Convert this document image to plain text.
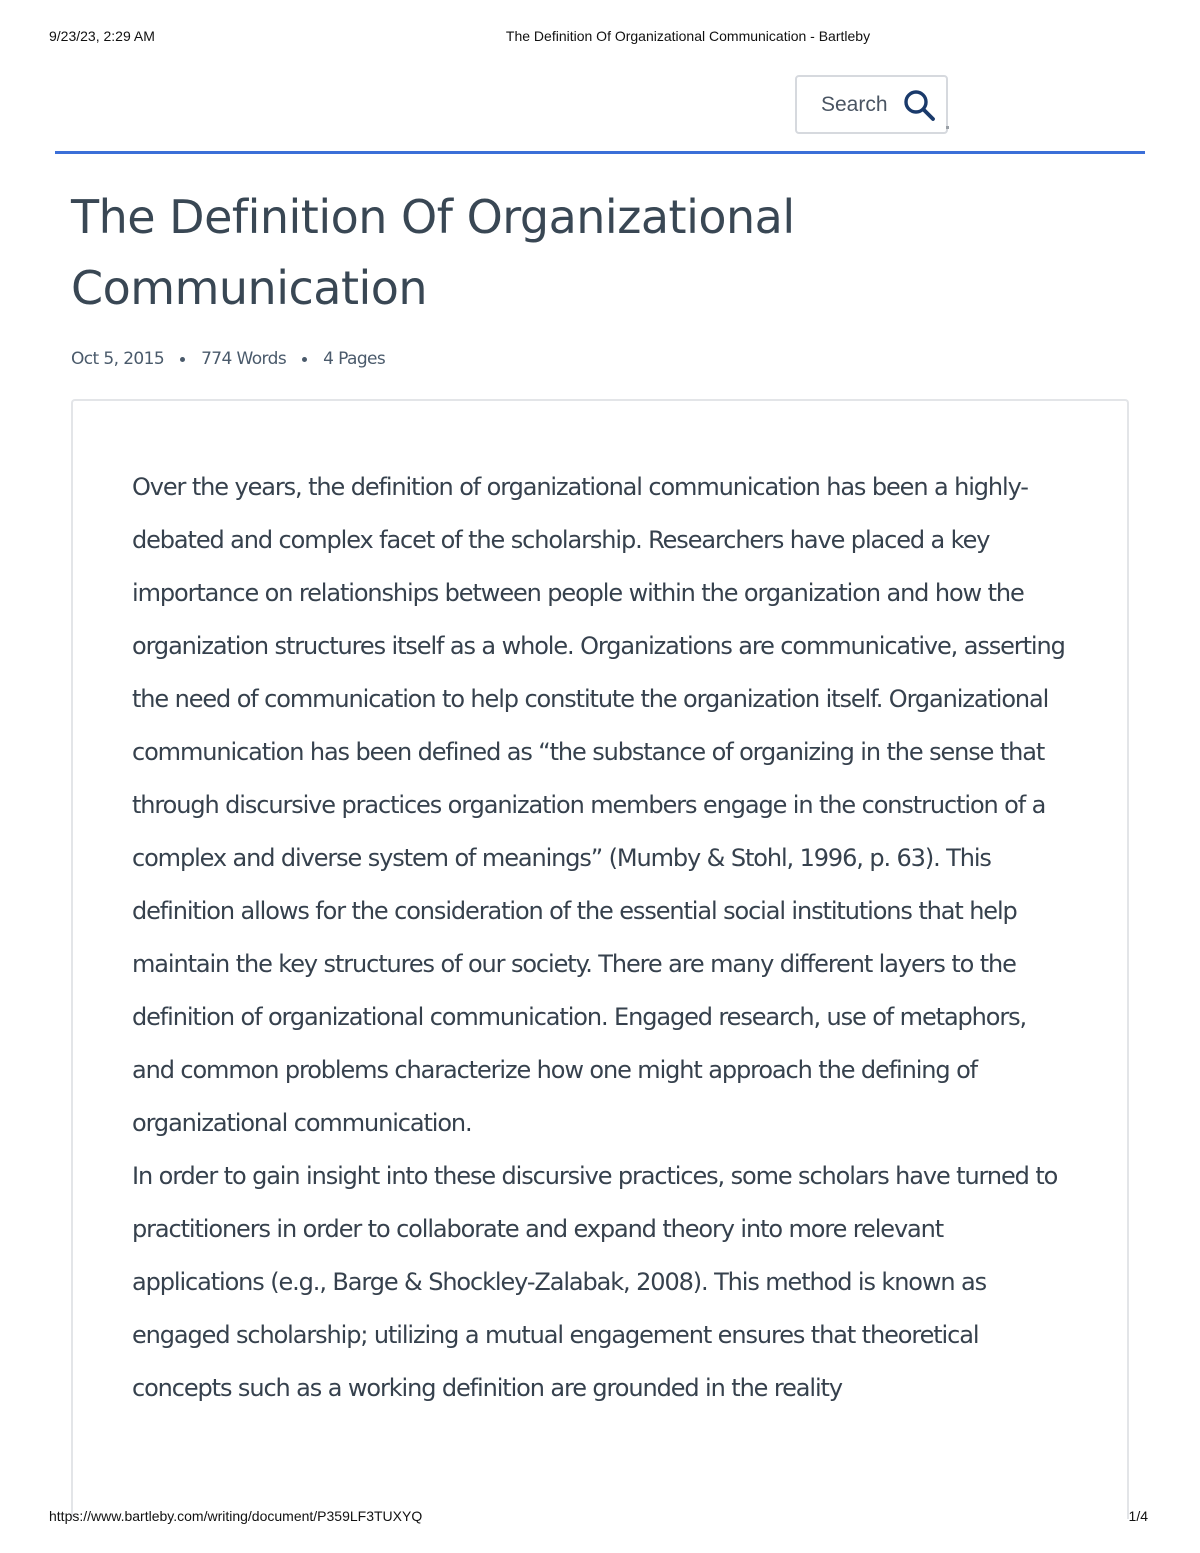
9/23/23, 2:29 AM	The Definition Of Organizational Communication - Bartleby
Search
The Definition Of Organizational Communication
Oct 5, 2015 774 Words 4 Pages

Over the years, the definition of organizational communication has been a highly-debated and complex facet of the scholarship. Researchers have placed a key importance on relationships between people within the organization and how the organization structures itself as a whole. Organizations are communicative, asserting the need of communication to help constitute the organization itself. Organizational communication has been defined as “the substance of organizing in the sense that through discursive practices organization members engage in the construction of a complex and diverse system of meanings” (Mumby & Stohl, 1996, p. 63). This definition allows for the consideration of the essential social institutions that help maintain the key structures of our society. There are many different layers to the definition of organizational communication. Engaged research, use of metaphors, and common problems characterize how one might approach the defining of organizational communication.

In order to gain insight into these discursive practices, some scholars have turned to practitioners in order to collaborate and expand theory into more relevant applications (e.g., Barge & Shockley-Zalabak, 2008). This method is known as engaged scholarship; utilizing a mutual engagement ensures that theoretical concepts such as a working definition are grounded in the reality

https://www.bartleby.com/writing/document/P359LF3TUXYQ	1/4
